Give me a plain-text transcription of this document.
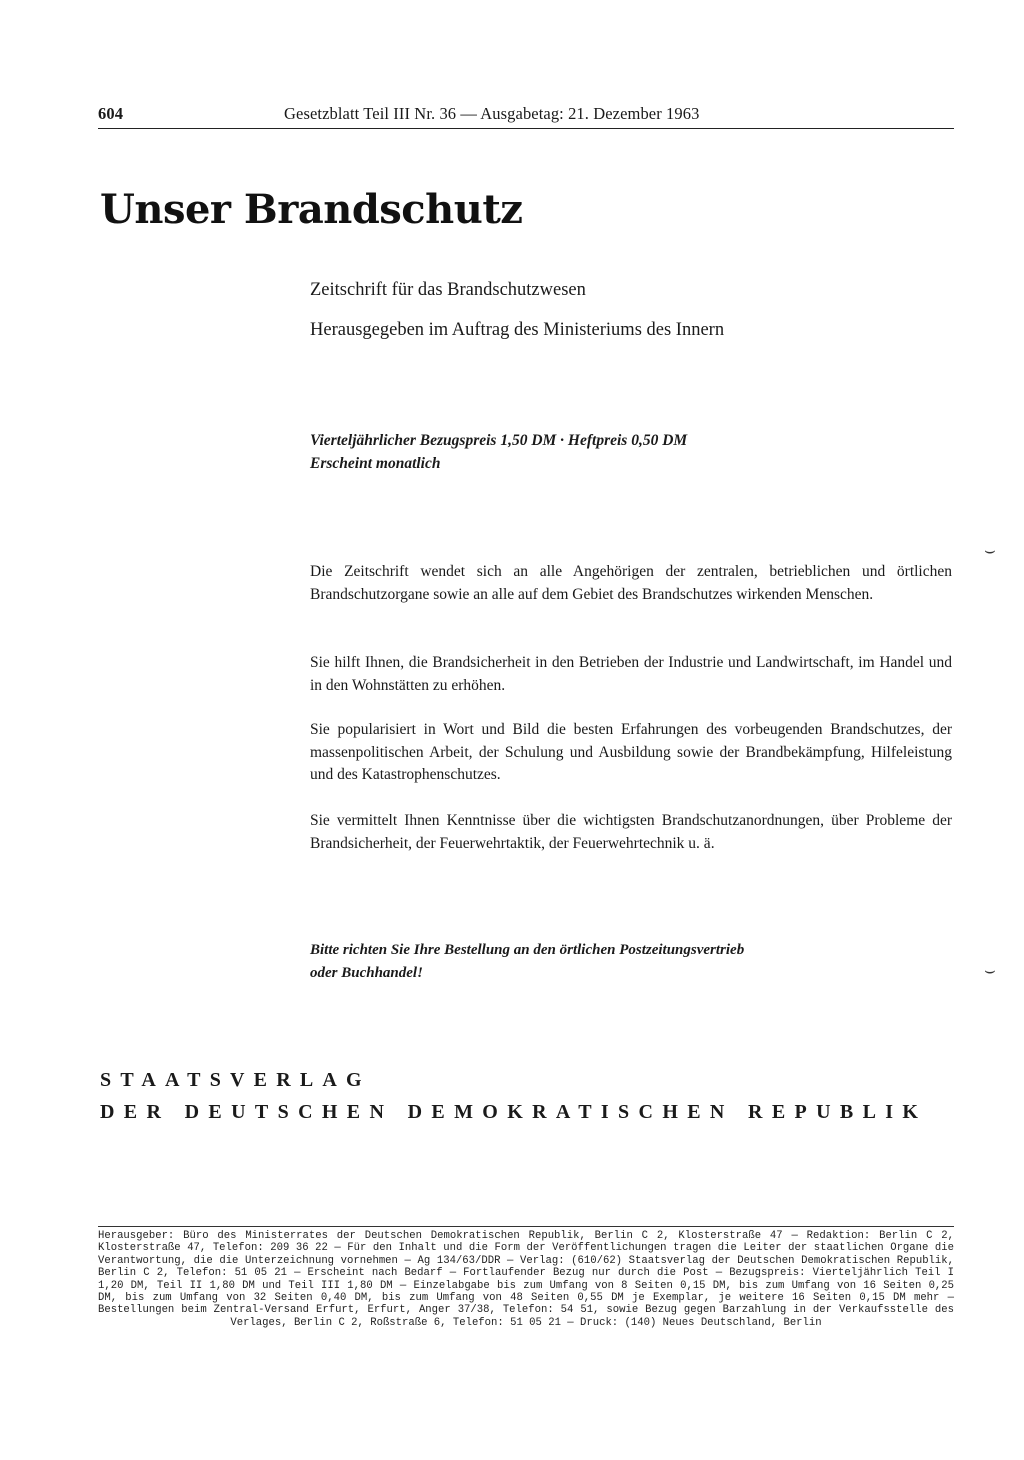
604	Gesetzblatt Teil III Nr. 36 — Ausgabetag: 21. Dezember 1963
Unser Brandschutz

Zeitschrift für das Brandschutzwesen

Herausgegeben im Auftrag des Ministeriums des Innern

Vierteljährlicher Bezugspreis 1,50 DM · Heftpreis 0,50 DM
Erscheint monatlich

Die Zeitschrift wendet sich an alle Angehörigen der zentralen, betrieblichen und örtlichen Brandschutzorgane sowie an alle auf dem Gebiet des Brandschutzes wirkenden Menschen.

Sie hilft Ihnen, die Brandsicherheit in den Betrieben der Industrie und Landwirtschaft, im Handel und in den Wohnstätten zu erhöhen.

Sie popularisiert in Wort und Bild die besten Erfahrungen des vorbeugenden Brandschutzes, der massenpolitischen Arbeit, der Schulung und Ausbildung sowie der Brandbekämpfung, Hilfeleistung und des Katastrophenschutzes.

Sie vermittelt Ihnen Kenntnisse über die wichtigsten Brandschutzanordnungen, über Probleme der Brandsicherheit, der Feuerwehrtaktik, der Feuerwehrtechnik u. ä.

Bitte richten Sie Ihre Bestellung an den örtlichen Postzeitungsvertrieb
oder Buchhandel!

STAATSVERLAG

DER DEUTSCHEN DEMOKRATISCHEN REPUBLIK

Herausgeber: Büro des Ministerrates der Deutschen Demokratischen Republik, Berlin C 2, Klosterstraße 47 — Redaktion: Berlin C 2, Klosterstraße 47, Telefon: 209 36 22 — Für den Inhalt und die Form der Veröffentlichungen tragen die Leiter der staatlichen Organe die Verantwortung, die die Unterzeichnung vornehmen — Ag 134/63/DDR — Verlag: (610/62) Staatsverlag der Deutschen Demokratischen Republik, Berlin C 2, Telefon: 51 05 21 — Erscheint nach Bedarf — Fortlaufender Bezug nur durch die Post — Bezugspreis: Vierteljährlich Teil I 1,20 DM, Teil II 1,80 DM und Teil III 1,80 DM — Einzelabgabe bis zum Umfang von 8 Seiten 0,15 DM, bis zum Umfang von 16 Seiten 0,25 DM, bis zum Umfang von 32 Seiten 0,40 DM, bis zum Umfang von 48 Seiten 0,55 DM je Exemplar, je weitere 16 Seiten 0,15 DM mehr — Bestellungen beim Zentral-Versand Erfurt, Erfurt, Anger 37/38, Telefon: 54 51, sowie Bezug gegen Barzahlung in der Verkaufsstelle des Verlages, Berlin C 2, Roßstraße 6, Telefon: 51 05 21 — Druck: (140) Neues Deutschland, Berlin

⌣
⌣
